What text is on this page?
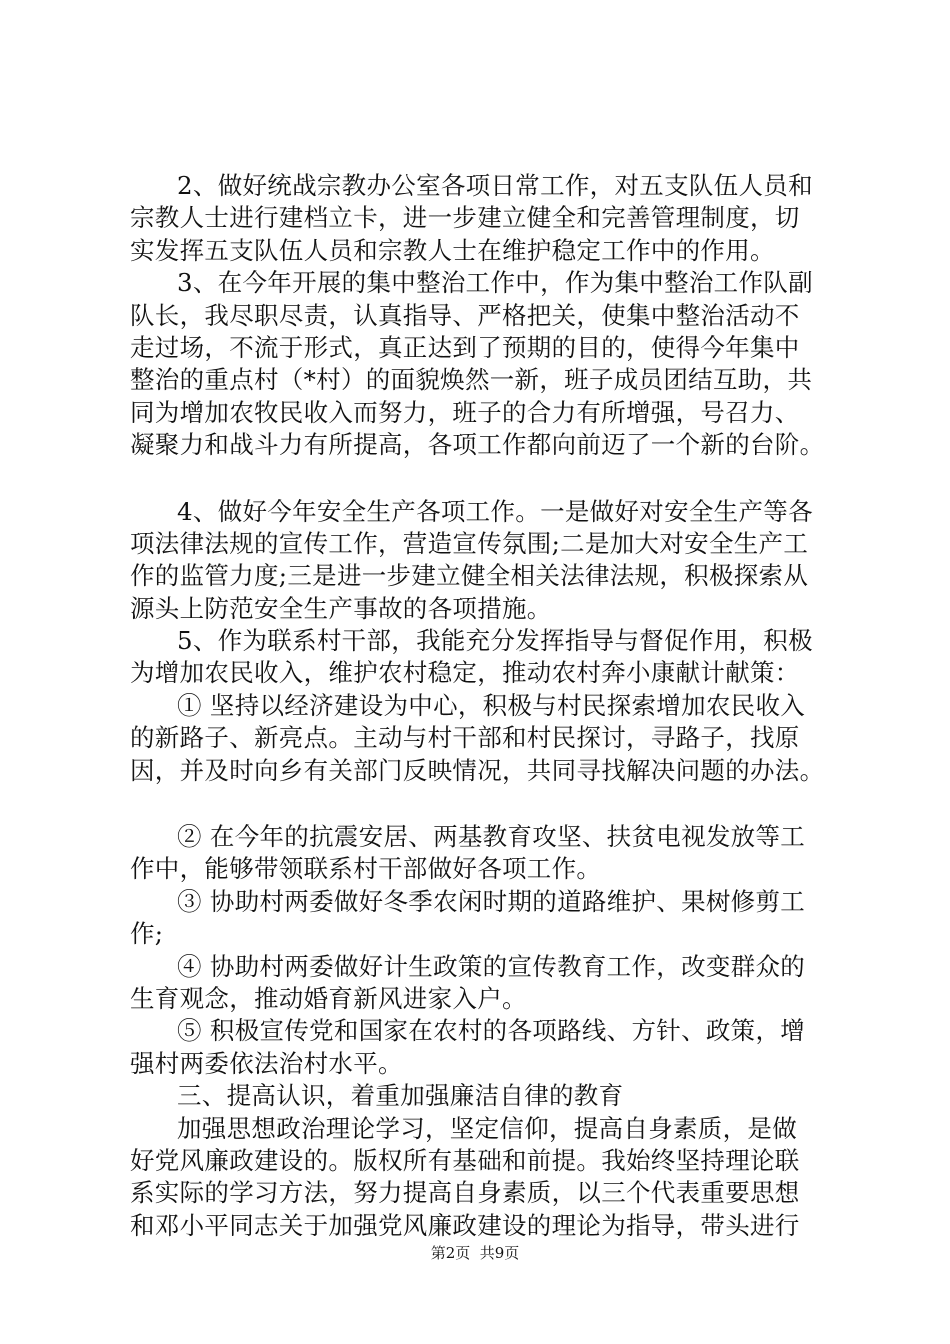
2、做好统战宗教办公室各项日常工作，对五支队伍人员和
宗教人士进行建档立卡，进一步建立健全和完善管理制度，切
实发挥五支队伍人员和宗教人士在维护稳定工作中的作用。
3、在今年开展的集中整治工作中，作为集中整治工作队副
队长，我尽职尽责，认真指导、严格把关，使集中整治活动不
走过场，不流于形式，真正达到了预期的目的，使得今年集中
整治的重点村（*村）的面貌焕然一新，班子成员团结互助，共
同为增加农牧民收入而努力，班子的合力有所增强，号召力、
凝聚力和战斗力有所提高，各项工作都向前迈了一个新的台阶。
4、做好今年安全生产各项工作。一是做好对安全生产等各
项法律法规的宣传工作，营造宣传氛围;二是加大对安全生产工
作的监管力度;三是进一步建立健全相关法律法规，积极探索从
源头上防范安全生产事故的各项措施。
5、作为联系村干部，我能充分发挥指导与督促作用，积极
为增加农民收入，维护农村稳定，推动农村奔小康献计献策：
① 坚持以经济建设为中心，积极与村民探索增加农民收入
的新路子、新亮点。主动与村干部和村民探讨，寻路子，找原
因，并及时向乡有关部门反映情况，共同寻找解决问题的办法。
② 在今年的抗震安居、两基教育攻坚、扶贫电视发放等工
作中，能够带领联系村干部做好各项工作。
③ 协助村两委做好冬季农闲时期的道路维护、果树修剪工
作;
④ 协助村两委做好计生政策的宣传教育工作，改变群众的
生育观念，推动婚育新风进家入户。
⑤ 积极宣传党和国家在农村的各项路线、方针、政策，增
强村两委依法治村水平。
三、提高认识，着重加强廉洁自律的教育
加强思想政治理论学习，坚定信仰，提高自身素质，是做
好党风廉政建设的。版权所有基础和前提。我始终坚持理论联
系实际的学习方法，努力提高自身素质，以三个代表重要思想
和邓小平同志关于加强党风廉政建设的理论为指导，带头进行
第2页  共9页
